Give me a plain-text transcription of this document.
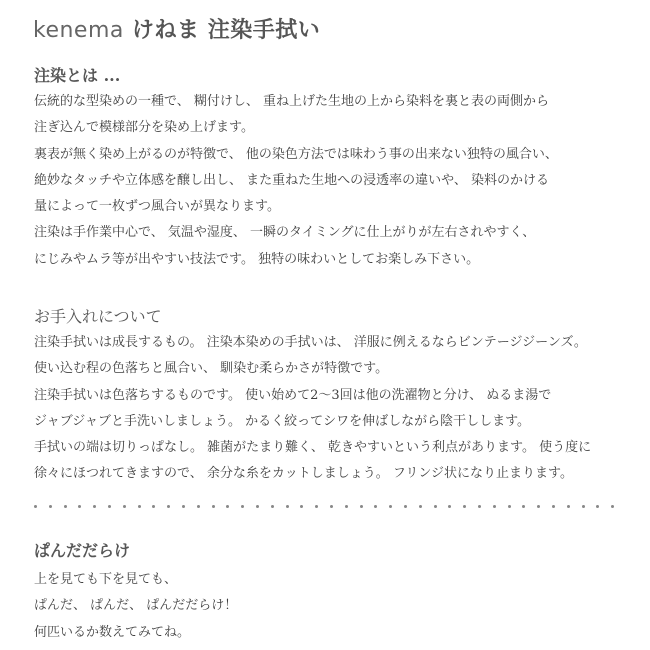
kenema けねま 注染手拭い
注染とは ...
伝統的な型染めの一種で、 糊付けし、 重ね上げた生地の上から染料を裏と表の両側から
注ぎ込んで模様部分を染め上げます。
裏表が無く染め上がるのが特徴で、 他の染色方法では味わう事の出来ない独特の風合い、
絶妙なタッチや立体感を醸し出し、 また重ねた生地への浸透率の違いや、 染料のかける
量によって一枚ずつ風合いが異なります。
注染は手作業中心で、 気温や湿度、 一瞬のタイミングに仕上がりが左右されやすく、
にじみやムラ等が出やすい技法です。 独特の味わいとしてお楽しみ下さい。
お手入れについて
注染手拭いは成長するもの。 注染本染めの手拭いは、 洋服に例えるならビンテージジーンズ。
使い込む程の色落ちと風合い、 馴染む柔らかさが特徴です。
注染手拭いは色落ちするものです。 使い始めて2～3回は他の洗濯物と分け、 ぬるま湯で
ジャブジャブと手洗いしましょう。 かるく絞ってシワを伸ばしながら陰干しします。
手拭いの端は切りっぱなし。 雑菌がたまり難く、 乾きやすいという利点があります。 使う度に
徐々にほつれてきますので、 余分な糸をカットしましょう。 フリンジ状になり止まります。
ぱんだだらけ
上を見ても下を見ても、
ぱんだ、 ぱんだ、 ぱんだだらけ！
何匹いるか数えてみてね。
